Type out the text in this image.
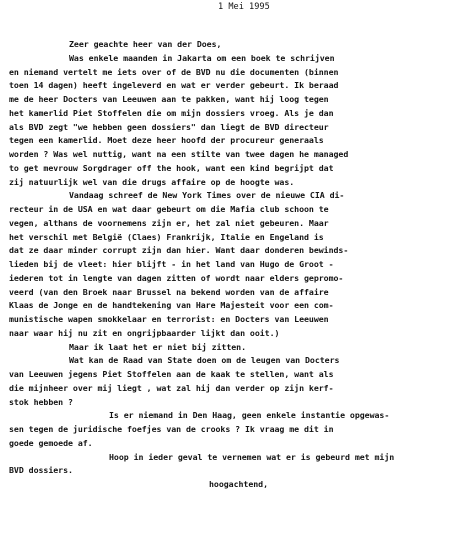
1 Mei 1995
Zeer geachte heer van der Does,
Was enkele maanden in Jakarta om een boek te schrijven
en niemand vertelt me iets over of de BVD nu die documenten (binnen
toen 14 dagen) heeft ingeleverd en wat er verder gebeurt. Ik beraad
me de heer Docters van Leeuwen aan te pakken, want hij loog tegen
het kamerlid Piet Stoffelen die om mijn dossiers vroeg. Als je dan
als BVD zegt "we hebben geen dossiers" dan liegt de BVD directeur
tegen een kamerlid. Moet deze heer hoofd der procureur generaals
worden ? Was wel nuttig, want na een stilte van twee dagen he managed
to get mevrouw Sorgdrager off the hook, want een kind begrijpt dat
zij natuurlijk wel van die drugs affaire op de hoogte was.
Vandaag schreef de New York Times over de nieuwe CIA di-
recteur in de USA en wat daar gebeurt om die Mafia club schoon te
vegen, althans de voornemens zijn er, het zal niet gebeuren. Maar
het verschil met België (Claes) Frankrijk, Italie en Engeland is
dat ze daar minder corrupt zijn dan hier. Want daar donderen bewinds-
lieden bij de vleet: hier blijft - in het land van Hugo de Groot -
iederen tot in lengte van dagen zitten of wordt naar elders gepromo-
veerd (van den Broek naar Brussel na bekend worden van de affaire
Klaas de Jonge en de handtekening van Hare Majesteit voor een com-
munistische wapen smokkelaar en terrorist: en Docters van Leeuwen
naar waar hij nu zit en ongrijpbaarder lijkt dan ooit.)
Maar ik laat het er niet bij zitten.
Wat kan de Raad van State doen om de leugen van Docters
van Leeuwen jegens Piet Stoffelen aan de kaak te stellen, want als
die mijnheer over mij liegt , wat zal hij dan verder op zijn kerf-
stok hebben ?
Is er niemand in Den Haag, geen enkele instantie opgewas-
sen tegen de juridische foefjes van de crooks ? Ik vraag me dit in
goede gemoede af.
Hoop in ieder geval te vernemen wat er is gebeurd met mijn
BVD dossiers.
hoogachtend,
